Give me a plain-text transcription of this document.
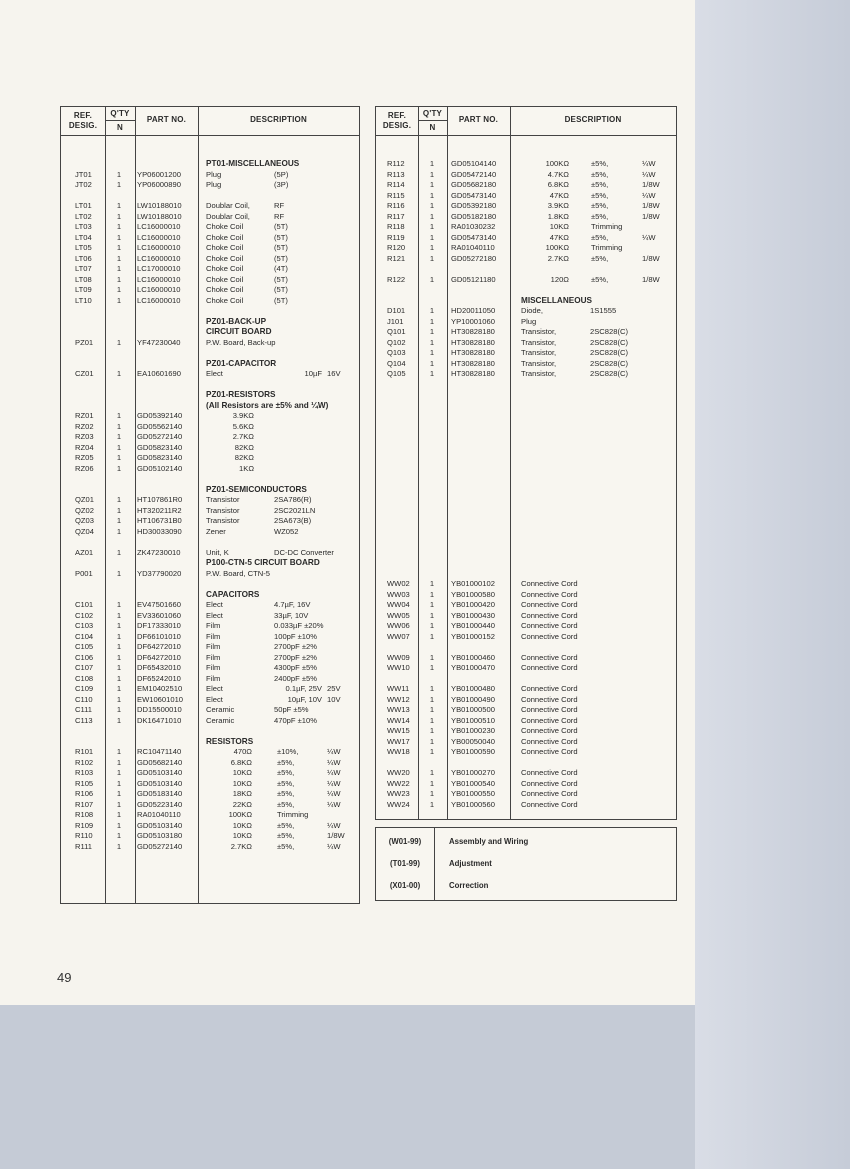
REF.
DESIG.
Q'TY
N
PART NO.	DESCRIPTION
PT01-MISCELLANEOUS
JT01	1	YP06001200	Plug	(5P)
JT02	1	YP06000890	Plug	(3P)
LT01	1	LW10188010	Doublar Coil,	RF
LT02	1	LW10188010	Doublar Coil,	RF
LT03	1	LC16000010	Choke Coil	(5T)
LT04	1	LC16000010	Choke Coil	(5T)
LT05	1	LC16000010	Choke Coil	(5T)
LT06	1	LC16000010	Choke Coil	(5T)
LT07	1	LC17000010	Choke Coil	(4T)
LT08	1	LC16000010	Choke Coil	(5T)
LT09	1	LC16000010	Choke Coil	(5T)
LT10	1	LC16000010	Choke Coil	(5T)
PZ01-BACK-UP
CIRCUIT BOARD
PZ01	1	YF47230040	P.W. Board, Back-up
PZ01-CAPACITOR
CZ01	1	EA10601690	Elect	10µF 16V
PZ01-RESISTORS
(All Resistors are ±5% and ¼W)
RZ01	1	GD05392140	3.9KΩ
RZ02	1	GD05562140	5.6KΩ
RZ03	1	GD05272140	2.7KΩ
RZ04	1	GD05823140	82KΩ
RZ05	1	GD05823140	82KΩ
RZ06	1	GD05102140	1KΩ
PZ01-SEMICONDUCTORS
QZ01	1	HT107861R0	Transistor	2SA786(R)
QZ02	1	HT320211R2	Transistor	2SC2021LN
QZ03	1	HT106731B0	Transistor	2SA673(B)
QZ04	1	HD30033090	Zener	WZ052
AZ01	1	ZK47230010	Unit, K	DC-DC Converter
P100-CTN-5 CIRCUIT BOARD
P001	1	YD37790020	P.W. Board, CTN-5
CAPACITORS
C101	1	EV47501660	Elect	4.7µF, 16V
C102	1	EV33601060	Elect	33µF, 10V
C103	1	DF17333010	Film	0.033µF ±20%
C104	1	DF66101010	Film	100pF ±10%
C105	1	DF64272010	Film	2700pF ±2%
C106	1	DF64272010	Film	2700pF ±2%
C107	1	DF65432010	Film	4300pF ±5%
C108	1	DF65242010	Film	2400pF ±5%
C109	1	EM10402510	Elect	0.1µF, 25V 25V
C110	1	EW10601010	Elect	10µF, 10V 10V
C111	1	DD15500010	Ceramic	50pF ±5%
C113	1	DK16471010	Ceramic	470pF ±10%
RESISTORS
R101	1	RC10471140	470Ω	±10%,	¼W
R102	1	GD05682140	6.8KΩ	±5%,	¼W
R103	1	GD05103140	10KΩ	±5%,	¼W
R105	1	GD05103140	10KΩ	±5%,	¼W
R106	1	GD05183140	18KΩ	±5%,	¼W
R107	1	GD05223140	22KΩ	±5%,	¼W
R108	1	RA01040110	100KΩ	Trimming
R109	1	GD05103140	10KΩ	±5%,	¼W
R110	1	GD05103180	10KΩ	±5%,	1/8W
R111	1	GD05272140	2.7KΩ	±5%,	¼W
REF.
DESIG.
Q'TY
N
PART NO.	DESCRIPTION
R112	1	GD05104140	100KΩ	±5%,	¼W
R113	1	GD05472140	4.7KΩ	±5%,	¼W
R114	1	GD05682180	6.8KΩ	±5%,	1/8W
R115	1	GD05473140	47KΩ	±5%,	¼W
R116	1	GD05392180	3.9KΩ	±5%,	1/8W
R117	1	GD05182180	1.8KΩ	±5%,	1/8W
R118	1	RA01030232	10KΩ	Trimming
R119	1	GD05473140	47KΩ	±5%,	¼W
R120	1	RA01040110	100KΩ	Trimming
R121	1	GD05272180	2.7KΩ	±5%,	1/8W
R122	1	GD05121180	120Ω	±5%,	1/8W
MISCELLANEOUS
D101	1	HD20011050	Diode,	1S1555
J101	1	YP10001060	Plug
Q101	1	HT30828180	Transistor,	2SC828(C)
Q102	1	HT30828180	Transistor,	2SC828(C)
Q103	1	HT30828180	Transistor,	2SC828(C)
Q104	1	HT30828180	Transistor,	2SC828(C)
Q105	1	HT30828180	Transistor,	2SC828(C)
WW02	1	YB01000102	Connective Cord
WW03	1	YB01000580	Connective Cord
WW04	1	YB01000420	Connective Cord
WW05	1	YB01000430	Connective Cord
WW06	1	YB01000440	Connective Cord
WW07	1	YB01000152	Connective Cord
WW09	1	YB01000460	Connective Cord
WW10	1	YB01000470	Connective Cord
WW11	1	YB01000480	Connective Cord
WW12	1	YB01000490	Connective Cord
WW13	1	YB01000500	Connective Cord
WW14	1	YB01000510	Connective Cord
WW15	1	YB01000230	Connective Cord
WW17	1	YB00050040	Connective Cord
WW18	1	YB01000590	Connective Cord
WW20	1	YB01000270	Connective Cord
WW22	1	YB01000540	Connective Cord
WW23	1	YB01000550	Connective Cord
WW24	1	YB01000560	Connective Cord
(W01-99)	Assembly and Wiring
(T01-99)	Adjustment
(X01-00)	Correction
49
